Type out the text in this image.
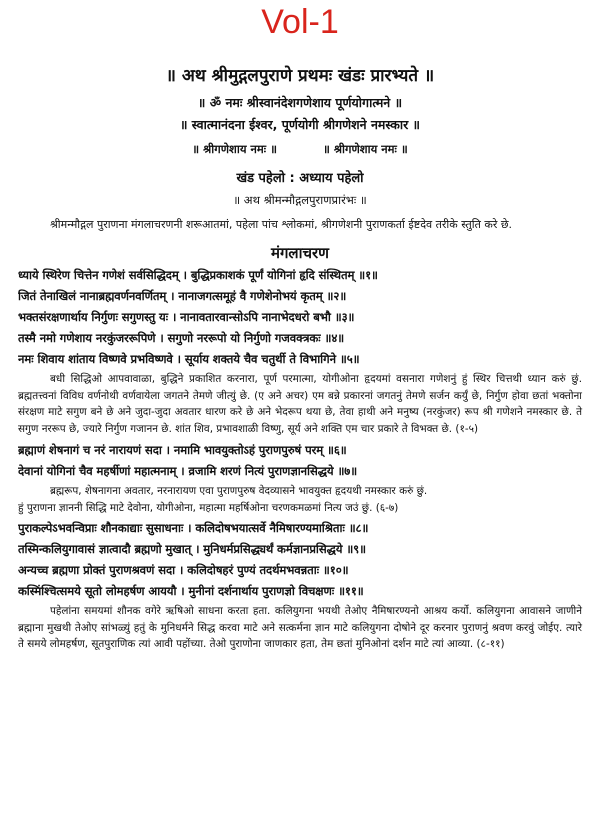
Vol-1
॥ अथ श्रीमुद्गलपुराणे प्रथमः खंडः प्रारभ्यते ॥
॥ ॐ नमः श्रीस्वानंदेशगणेशाय पूर्णयोगात्मने ॥
॥ स्वात्मानंदना ईश्वर, पूर्णयोगी श्रीगणेशने नमस्कार ॥
॥ श्रीगणेशाय नमः ॥	॥ श्रीगणेशाय नमः ॥
खंड पहेलो : अध्याय पहेलो
॥ अथ श्रीमन्मौद्गलपुराणप्रारंभः ॥

श्रीमन्मौद्गल पुराणना मंगलाचरणनी शरूआतमां, पहेला पांच श्लोकमां, श्रीगणेशनी पुराणकर्ता ईष्टदेव तरीके स्तुति करे छे.

मंगलाचरण
ध्याये स्थिरेण चित्तेन गणेशं सर्वसिद्धिदम् । बुद्धिप्रकाशकं पूर्णं योगिनां हृदि संस्थितम् ॥१॥
जितं तेनाखिलं नानाब्रह्मवर्णनवर्णितम् । नानाजगत्समूहं वै गणेशेनोभयं कृतम् ॥२॥
भक्तसंरक्षणार्थाय निर्गुणः सगुणस्तु यः । नानावतारवान्सोऽपि नानाभेदधरो बभौ ॥३॥
तस्मै नमो गणेशाय नरकुंजररूपिणे । सगुणो नररूपो यो निर्गुणो गजवक्त्रकः ॥४॥
नमः शिवाय शांताय विष्णवे प्रभविष्णवे । सूर्याय शक्तये चैव चतुर्थी ते विभागिने ॥५॥

बधी सिद्धिओ आपवावाळा, बुद्धिने प्रकाशित करनारा, पूर्ण परमात्मा, योगीओना हृदयमां वसनारा गणेशनुं हुं स्थिर चित्तथी ध्यान करुं छुं. ब्रह्मतत्त्वनां विविध वर्णनोथी वर्णवायेला जगतने तेमणे जीत्युं छे. (ए अने अचर) एम बन्ने प्रकारनां जगतनुं तेमणे सर्जन कर्युं छे, निर्गुण होवा छतां भक्तोना संरक्षण माटे सगुण बने छे अने जुदा-जुदा अवतार धारण करे छे अने भेदरूप थया छे, तेवा हाथी अने मनुष्य (नरकुंजर) रूप श्री गणेशने नमस्कार छे. ते सगुण नररूप छे, ज्यारे निर्गुण गजानन छे. शांत शिव, प्रभावशाळी विष्णु, सूर्य अने शक्ति एम चार प्रकारे ते विभक्त छे. (१-५)

ब्रह्माणं शेषनागं च नरं नारायणं सदा । नमामि भावयुक्तोऽहं पुराणपुरुषं परम् ॥६॥
देवानां योगिनां चैव महर्षीणां महात्मनाम् । व्रजामि शरणं नित्यं पुराणज्ञानसिद्धये ॥७॥

ब्रह्मरूप, शेषनागना अवतार, नरनारायण एवा पुराणपुरुष वेदव्यासने भावयुक्त हृदयथी नमस्कार करुं छुं.

हुं पुराणना ज्ञाननी सिद्धि माटे देवोना, योगीओना, महात्मा महर्षिओना चरणकमळमां नित्य जउं छुं. (६-७)

पुराकल्पेऽभवन्विप्राः शौनकाद्याः सुसाधनाः । कलिदोषभयात्सर्वे नैमिषारण्यमाश्रिताः ॥८॥
तस्मिन्कलियुगावासं ज्ञात्वादौ ब्रह्मणो मुखात् । मुनिधर्मप्रसिद्ध्यर्थं कर्मज्ञानप्रसिद्धये ॥९॥
अन्यच्च ब्रह्मणा प्रोक्तं पुराणश्रवणं सदा । कलिदोषहरं पुण्यं तदर्थमभवन्नताः ॥१०॥
कस्मिंश्चित्समये सूतो लोमहर्षण आययौ । मुनीनां दर्शनार्थाय पुराणज्ञो विचक्षणः ॥११॥

पहेलांना समयमां शौनक वगेरे ऋषिओ साधना करता हता. कलियुगना भयथी तेओए नैमिषारण्यनो आश्रय कर्यो. कलियुगना आवासने जाणीने ब्रह्माना मुखथी तेओए सांभळ्युं हतुं के मुनिधर्मने सिद्ध करवा माटे अने सत्कर्मना ज्ञान माटे कलियुगना दोषोने दूर करनार पुराणनुं श्रवण करवुं जोईए. त्यारे ते समये लोमहर्षण, सूतपुराणिक त्यां आवी पहोंच्या. तेओ पुराणोना जाणकार हता, तेम छतां मुनिओनां दर्शन माटे त्यां आव्या. (८-११)
